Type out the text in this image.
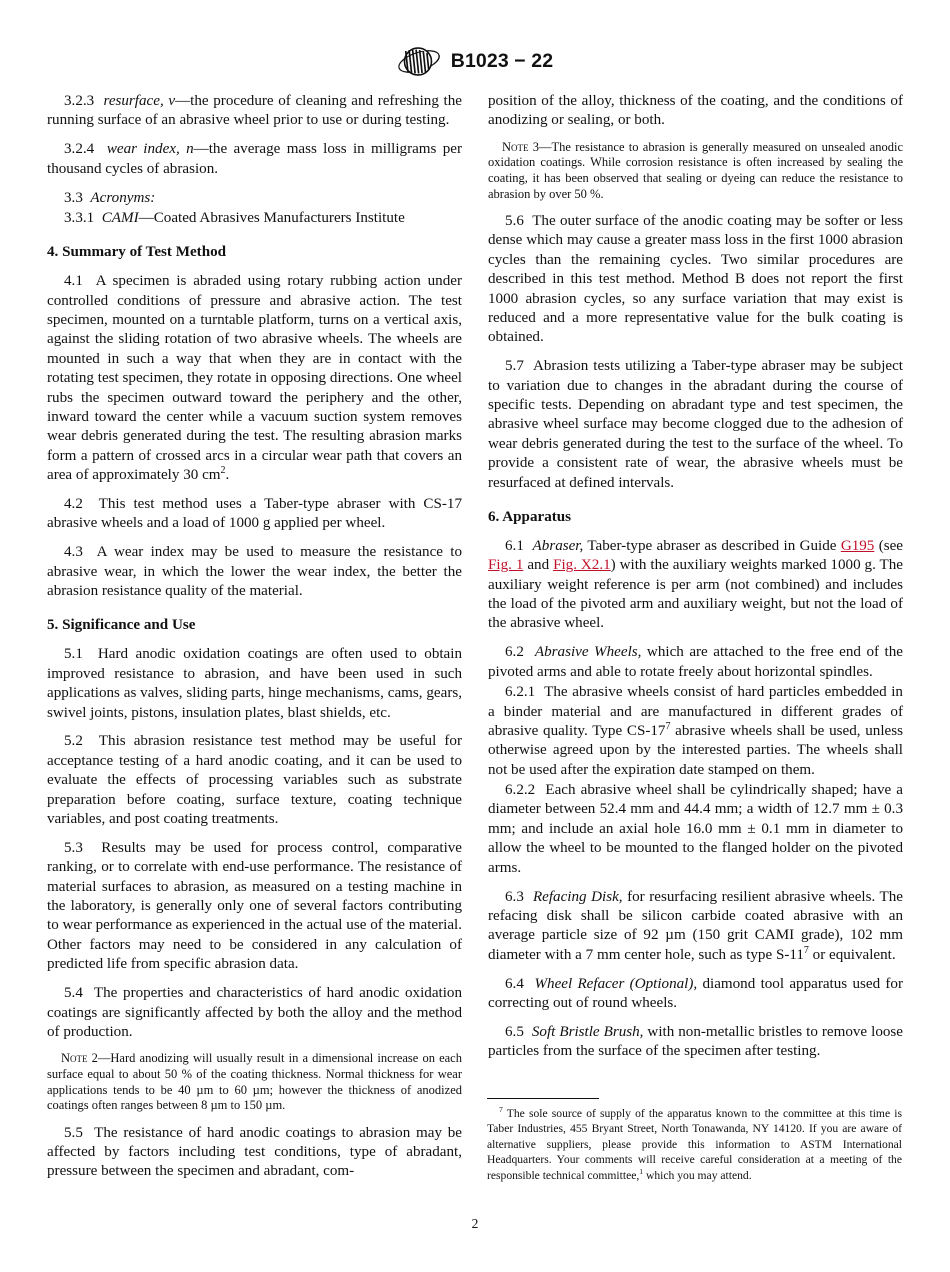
B1023 − 22

3.2.3 resurface, v—the procedure of cleaning and refreshing the running surface of an abrasive wheel prior to use or during testing.

3.2.4 wear index, n—the average mass loss in milligrams per thousand cycles of abrasion.

3.3 Acronyms:

3.3.1 CAMI—Coated Abrasives Manufacturers Institute

4. Summary of Test Method

4.1 A specimen is abraded using rotary rubbing action under controlled conditions of pressure and abrasive action. The test specimen, mounted on a turntable platform, turns on a vertical axis, against the sliding rotation of two abrasive wheels. The wheels are mounted in such a way that when they are in contact with the rotating test specimen, they rotate in opposing directions. One wheel rubs the specimen outward toward the periphery and the other, inward toward the center while a vacuum suction system removes wear debris generated during the test. The resulting abrasion marks form a pattern of crossed arcs in a circular wear path that covers an area of approximately 30 $cm^2$.

4.2 This test method uses a Taber-type abraser with CS-17 abrasive wheels and a load of 1000 g applied per wheel.

4.3 A wear index may be used to measure the resistance to abrasive wear, in which the lower the wear index, the better the abrasion resistance quality of the material.

5. Significance and Use

5.1 Hard anodic oxidation coatings are often used to obtain improved resistance to abrasion, and have been used in such applications as valves, sliding parts, hinge mechanisms, cams, gears, swivel joints, pistons, insulation plates, blast shields, etc.

5.2 This abrasion resistance test method may be useful for acceptance testing of a hard anodic coating, and it can be used to evaluate the effects of processing variables such as substrate preparation before coating, surface texture, coating technique variables, and post coating treatments.

5.3 Results may be used for process control, comparative ranking, or to correlate with end-use performance. The resistance of material surfaces to abrasion, as measured on a testing machine in the laboratory, is generally only one of several factors contributing to wear performance as experienced in the actual use of the material. Other factors may need to be considered in any calculation of predicted life from specific abrasion data.

5.4 The properties and characteristics of hard anodic oxidation coatings are significantly affected by both the alloy and the method of production.

Note 2—Hard anodizing will usually result in a dimensional increase on each surface equal to about 50 % of the coating thickness. Normal thickness for wear applications tends to be 40 µm to 60 µm; however the thickness of anodized coatings often ranges between 8 µm to 150 µm.

5.5 The resistance of hard anodic coatings to abrasion may be affected by factors including test conditions, type of abradant, pressure between the specimen and abradant, com-

position of the alloy, thickness of the coating, and the conditions of anodizing or sealing, or both.

Note 3—The resistance to abrasion is generally measured on unsealed anodic oxidation coatings. While corrosion resistance is often increased by sealing the coating, it has been observed that sealing or dyeing can reduce the resistance to abrasion by over 50 %.

5.6 The outer surface of the anodic coating may be softer or less dense which may cause a greater mass loss in the first 1000 abrasion cycles than the remaining cycles. Two similar procedures are described in this test method. Method B does not report the first 1000 abrasion cycles, so any surface variation that may exist is reduced and a more representative value for the bulk coating is obtained.

5.7 Abrasion tests utilizing a Taber-type abraser may be subject to variation due to changes in the abradant during the course of specific tests. Depending on abradant type and test specimen, the abrasive wheel surface may become clogged due to the adhesion of wear debris generated during the test to the surface of the wheel. To provide a consistent rate of wear, the abrasive wheels must be resurfaced at defined intervals.

6. Apparatus

6.1 Abraser, Taber-type abraser as described in Guide G195 (see Fig. 1 and Fig. X2.1) with the auxiliary weights marked 1000 g. The auxiliary weight reference is per arm (not combined) and includes the load of the pivoted arm and auxiliary weight, but not the load of the abrasive wheel.

6.2 Abrasive Wheels, which are attached to the free end of the pivoted arms and able to rotate freely about horizontal spindles.

6.2.1 The abrasive wheels consist of hard particles embedded in a binder material and are manufactured in different grades of abrasive quality. Type $CS-17^7$ abrasive wheels shall be used, unless otherwise agreed upon by the interested parties. The wheels shall not be used after the expiration date stamped on them.

6.2.2 Each abrasive wheel shall be cylindrically shaped; have a diameter between 52.4 mm and 44.4 mm; a width of 12.7 mm ± 0.3 mm; and include an axial hole 16.0 mm ± 0.1 mm in diameter to allow the wheel to be mounted to the flanged holder on the pivoted arms.

6.3 Refacing Disk, for resurfacing resilient abrasive wheels. The refacing disk shall be silicon carbide coated abrasive with an average particle size of 92 µm (150 grit CAMI grade), 102 mm diameter with a 7 mm center hole, such as type $S-11^7$ or equivalent.

6.4 Wheel Refacer (Optional), diamond tool apparatus used for correcting out of round wheels.

6.5 Soft Bristle Brush, with non-metallic bristles to remove loose particles from the surface of the specimen after testing.

$^7$ The sole source of supply of the apparatus known to the committee at this time is Taber Industries, 455 Bryant Street, North Tonawanda, NY 14120. If you are aware of alternative suppliers, please provide this information to ASTM International Headquarters. Your comments will receive careful consideration at a meeting of the responsible technical committee,$^1$ which you may attend.

2
